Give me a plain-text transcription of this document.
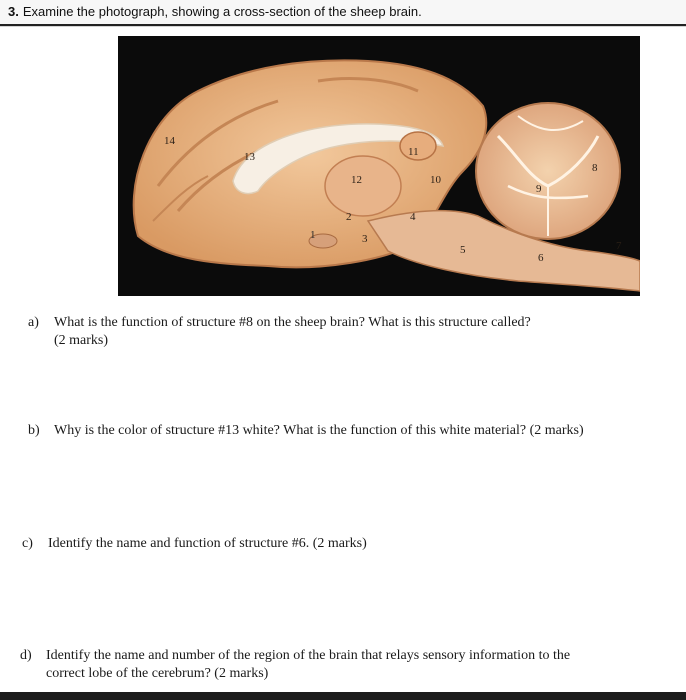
3. Examine the photograph, showing a cross-section of the sheep brain.
14
13	11
12	10
8
9
2	4
1	3
5
6
7
a) What is the function of structure #8 on the sheep brain? What is this structure called?
(2 marks)
b) Why is the color of structure #13 white? What is the function of this white material? (2 marks)
c) Identify the name and function of structure #6. (2 marks)
d) Identify the name and number of the region of the brain that relays sensory information to the
correct lobe of the cerebrum? (2 marks)
